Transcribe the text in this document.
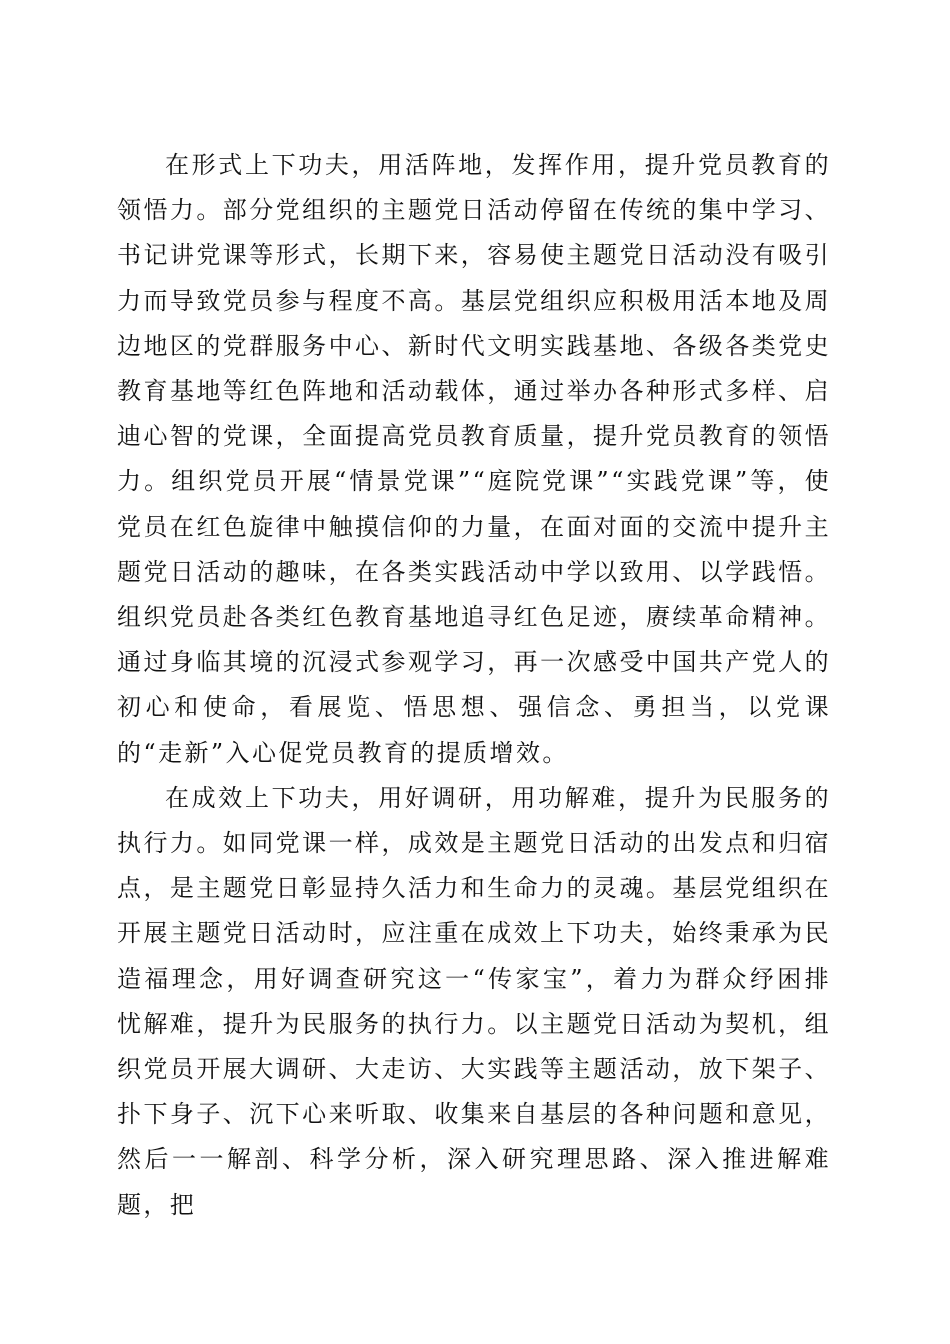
在形式上下功夫，用活阵地，发挥作用，提升党员教育的领悟力。部分党组织的主题党日活动停留在传统的集中学习、书记讲党课等形式，长期下来，容易使主题党日活动没有吸引力而导致党员参与程度不高。基层党组织应积极用活本地及周边地区的党群服务中心、新时代文明实践基地、各级各类党史教育基地等红色阵地和活动载体，通过举办各种形式多样、启迪心智的党课，全面提高党员教育质量，提升党员教育的领悟力。组织党员开展“情景党课”“庭院党课”“实践党课”等，使党员在红色旋律中触摸信仰的力量，在面对面的交流中提升主题党日活动的趣味，在各类实践活动中学以致用、以学践悟。组织党员赴各类红色教育基地追寻红色足迹，赓续革命精神。通过身临其境的沉浸式参观学习，再一次感受中国共产党人的初心和使命，看展览、悟思想、强信念、勇担当，以党课的“走新”入心促党员教育的提质增效。

在成效上下功夫，用好调研，用功解难，提升为民服务的执行力。如同党课一样，成效是主题党日活动的出发点和归宿点，是主题党日彰显持久活力和生命力的灵魂。基层党组织在开展主题党日活动时，应注重在成效上下功夫，始终秉承为民造福理念，用好调查研究这一“传家宝”，着力为群众纾困排忧解难，提升为民服务的执行力。以主题党日活动为契机，组织党员开展大调研、大走访、大实践等主题活动，放下架子、扑下身子、沉下心来听取、收集来自基层的各种问题和意见，然后一一解剖、科学分析，深入研究理思路、深入推进解难题，把
